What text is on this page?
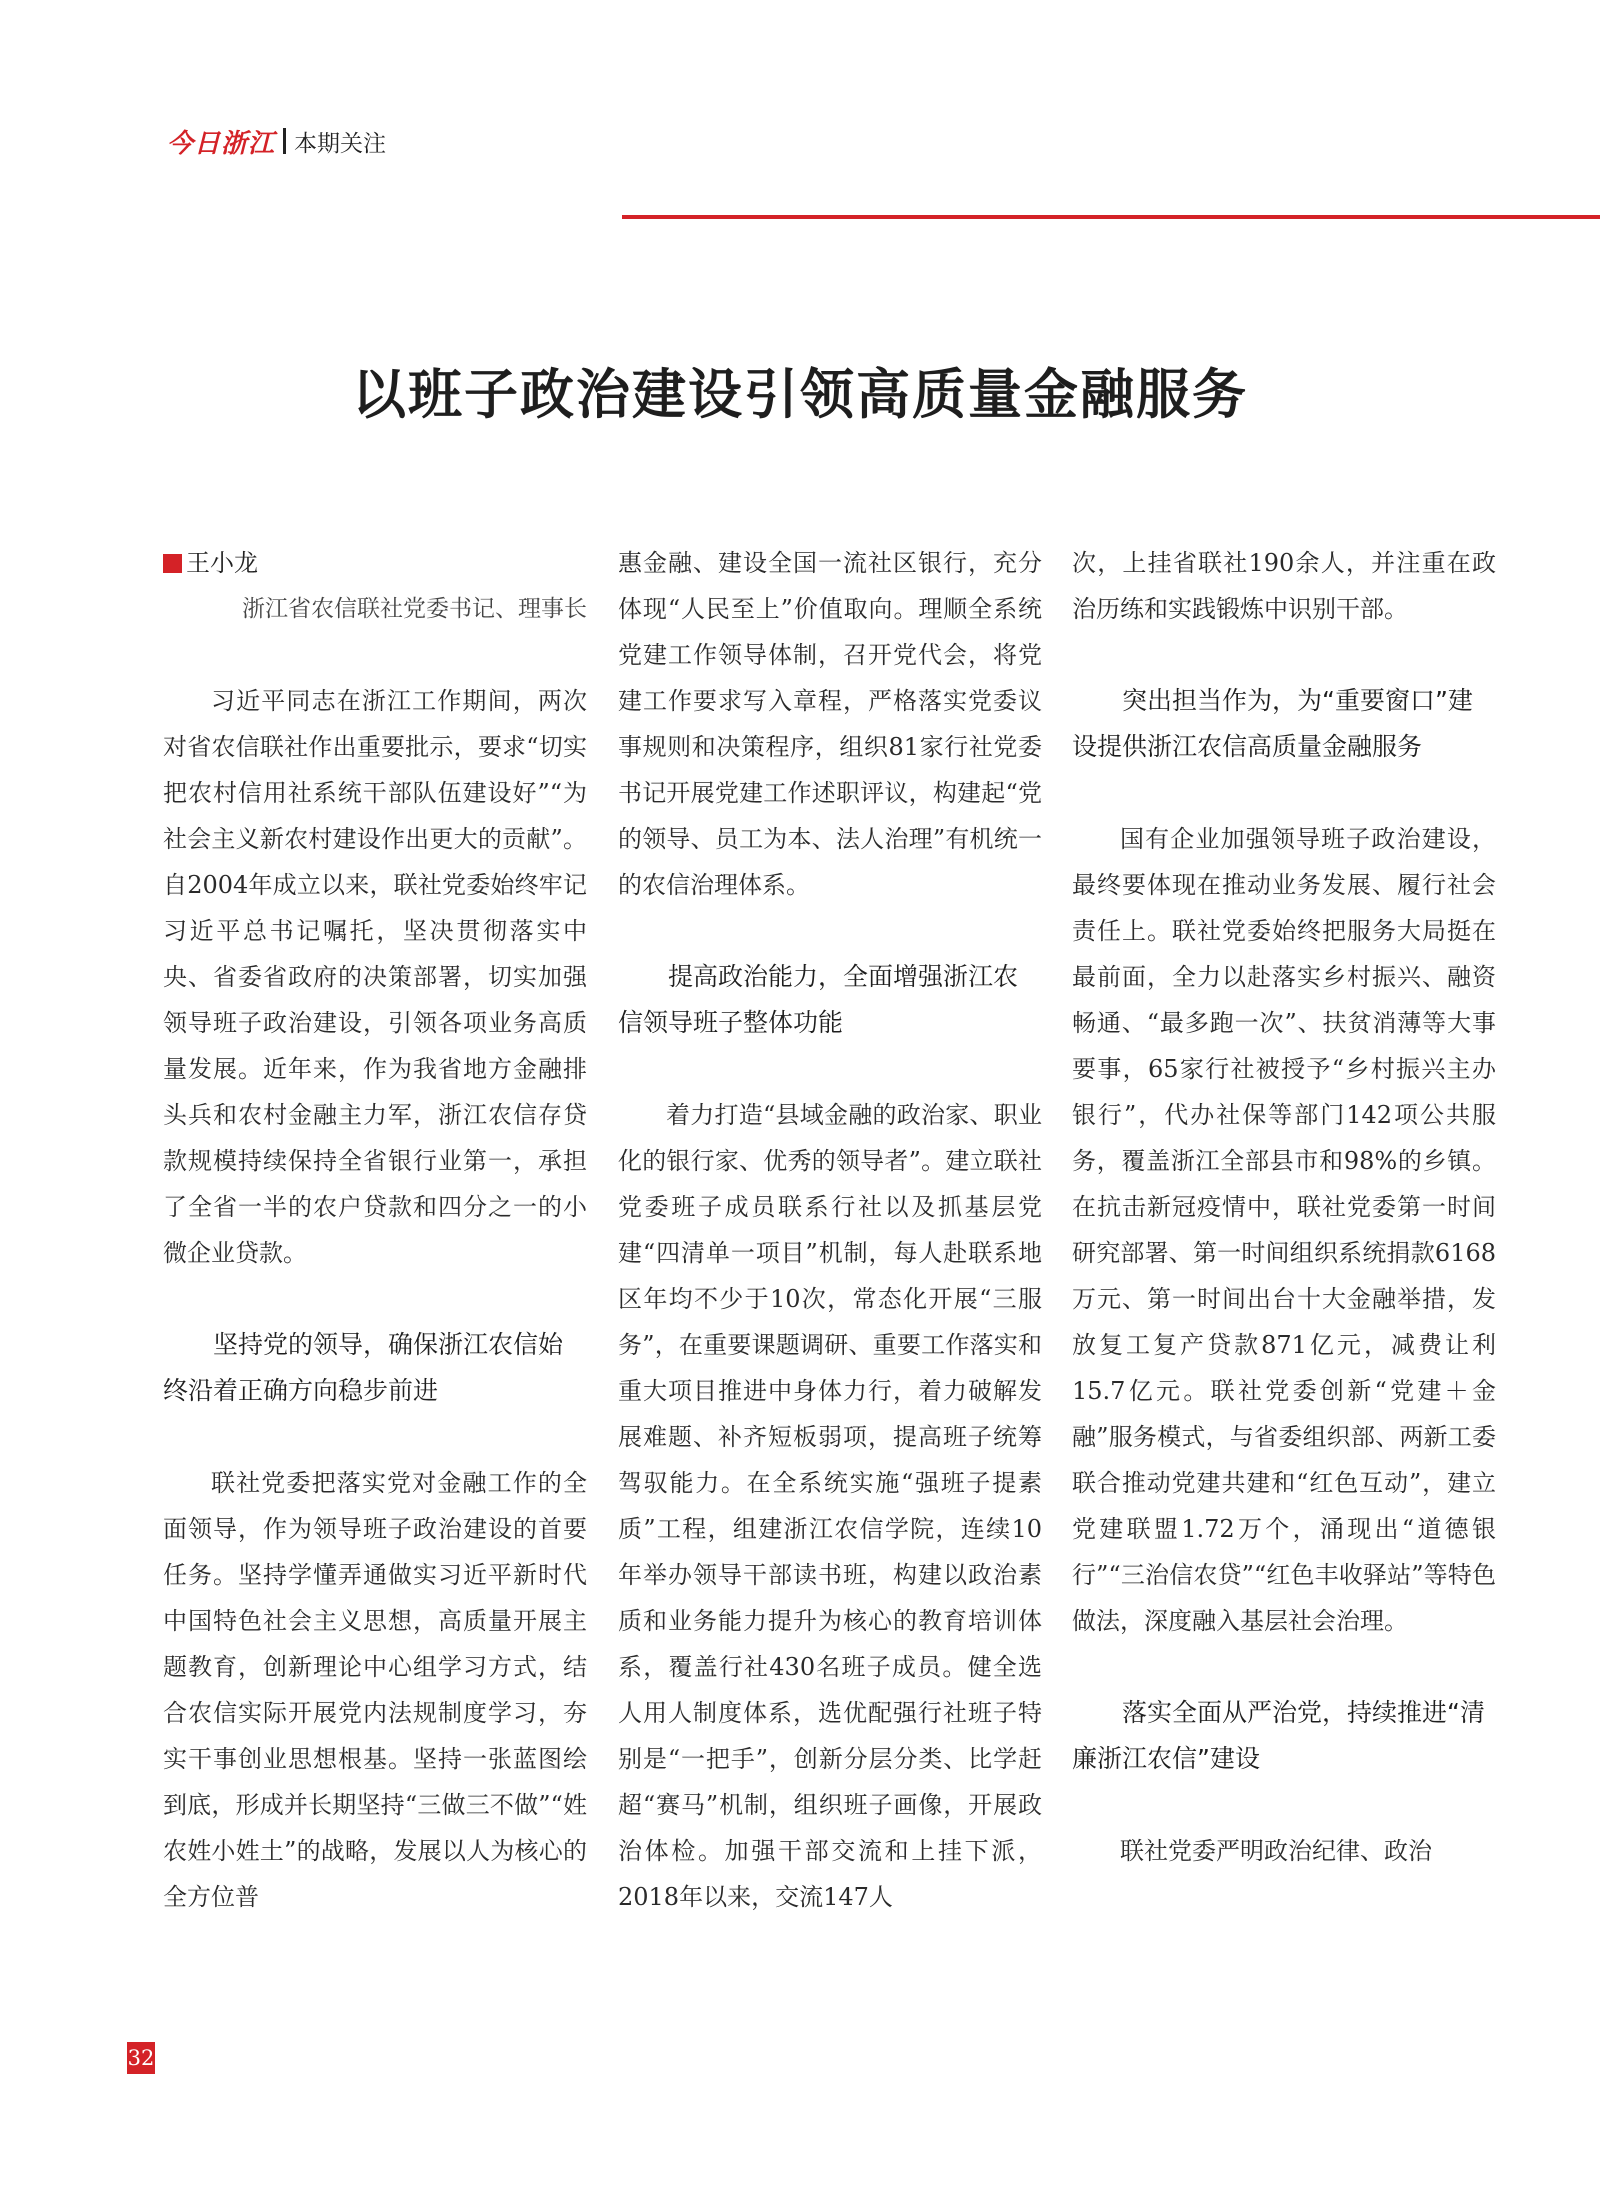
今日浙江 本期关注
以班子政治建设引领高质量金融服务
王小龙
浙江省农信联社党委书记、理事长

习近平同志在浙江工作期间，两次对省农信联社作出重要批示，要求“切实把农村信用社系统干部队伍建设好”“为社会主义新农村建设作出更大的贡献”。自2004年成立以来，联社党委始终牢记习近平总书记嘱托，坚决贯彻落实中央、省委省政府的决策部署，切实加强领导班子政治建设，引领各项业务高质量发展。近年来，作为我省地方金融排头兵和农村金融主力军，浙江农信存贷款规模持续保持全省银行业第一，承担了全省一半的农户贷款和四分之一的小微企业贷款。

坚持党的领导，确保浙江农信始终沿着正确方向稳步前进

联社党委把落实党对金融工作的全面领导，作为领导班子政治建设的首要任务。坚持学懂弄通做实习近平新时代中国特色社会主义思想，高质量开展主题教育，创新理论中心组学习方式，结合农信实际开展党内法规制度学习，夯实干事创业思想根基。坚持一张蓝图绘到底，形成并长期坚持“三做三不做”“姓农姓小姓土”的战略，发展以人为核心的全方位普

惠金融、建设全国一流社区银行，充分体现“人民至上”价值取向。理顺全系统党建工作领导体制，召开党代会，将党建工作要求写入章程，严格落实党委议事规则和决策程序，组织81家行社党委书记开展党建工作述职评议，构建起“党的领导、员工为本、法人治理”有机统一的农信治理体系。

提高政治能力，全面增强浙江农信领导班子整体功能

着力打造“县域金融的政治家、职业化的银行家、优秀的领导者”。建立联社党委班子成员联系行社以及抓基层党建“四清单一项目”机制，每人赴联系地区年均不少于10次，常态化开展“三服务”，在重要课题调研、重要工作落实和重大项目推进中身体力行，着力破解发展难题、补齐短板弱项，提高班子统筹驾驭能力。在全系统实施“强班子提素质”工程，组建浙江农信学院，连续10年举办领导干部读书班，构建以政治素质和业务能力提升为核心的教育培训体系，覆盖行社430名班子成员。健全选人用人制度体系，选优配强行社班子特别是“一把手”，创新分层分类、比学赶超“赛马”机制，组织班子画像，开展政治体检。加强干部交流和上挂下派，2018年以来，交流147人

次，上挂省联社190余人，并注重在政治历练和实践锻炼中识别干部。

突出担当作为，为“重要窗口”建设提供浙江农信高质量金融服务

国有企业加强领导班子政治建设，最终要体现在推动业务发展、履行社会责任上。联社党委始终把服务大局挺在最前面，全力以赴落实乡村振兴、融资畅通、“最多跑一次”、扶贫消薄等大事要事，65家行社被授予“乡村振兴主办银行”，代办社保等部门142项公共服务，覆盖浙江全部县市和98%的乡镇。在抗击新冠疫情中，联社党委第一时间研究部署、第一时间组织系统捐款6168万元、第一时间出台十大金融举措，发放复工复产贷款871亿元，减费让利15.7亿元。联社党委创新“党建＋金融”服务模式，与省委组织部、两新工委联合推动党建共建和“红色互动”，建立党建联盟1.72万个，涌现出“道德银行”“三治信农贷”“红色丰收驿站”等特色做法，深度融入基层社会治理。

落实全面从严治党，持续推进“清廉浙江农信”建设

联社党委严明政治纪律、政治

32
